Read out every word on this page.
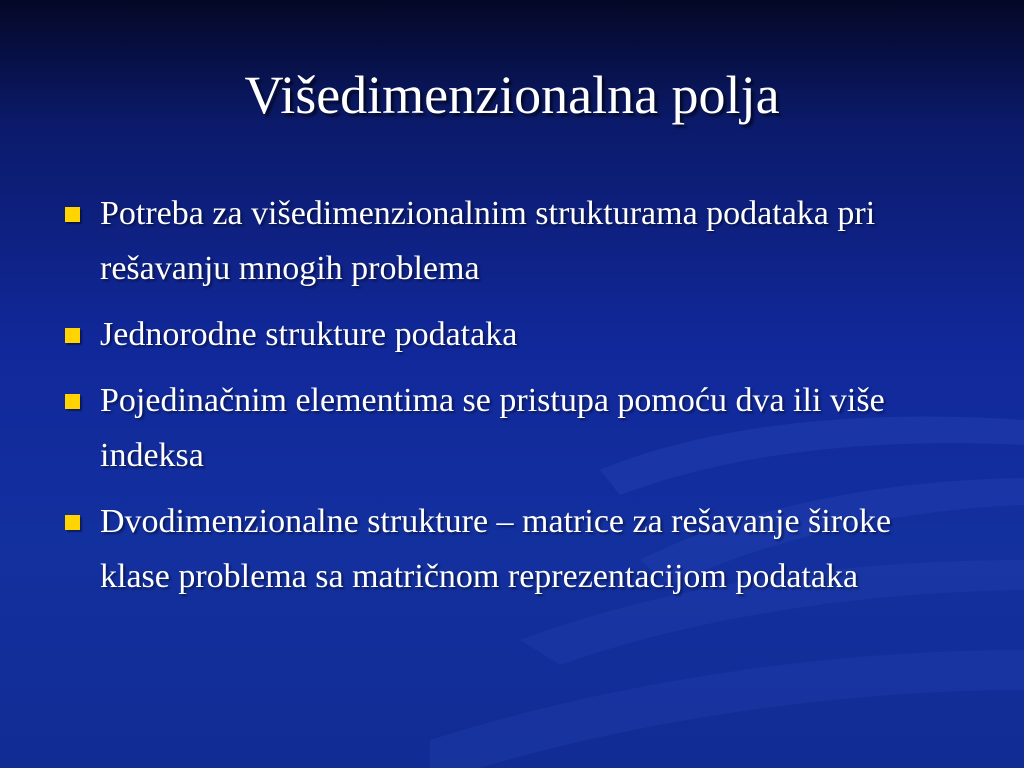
Višedimenzionalna polja
Potreba za višedimenzionalnim strukturama podataka pri rešavanju mnogih problema
Jednorodne strukture podataka
Pojedinačnim elementima se pristupa pomoću dva ili više indeksa
Dvodimenzionalne strukture – matrice za rešavanje široke klase problema sa matričnom reprezentacijom podataka
